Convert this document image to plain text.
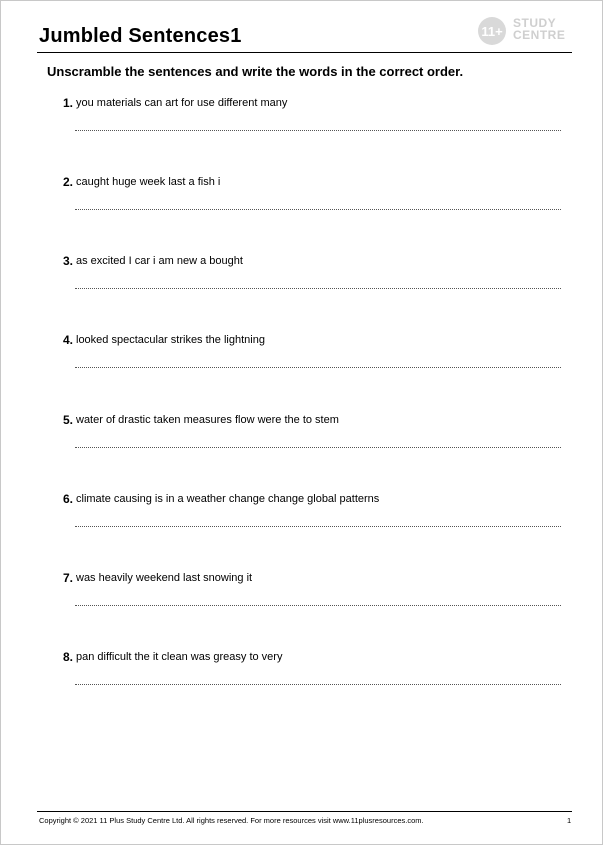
Jumbled Sentences1	11+
STUDY
CENTRE
Unscramble the sentences and write the words in the correct order.
1. you materials can art for use different many
2. caught huge week last a fish i
3. as excited I car i am new a bought
4. looked spectacular strikes the lightning
5. water of drastic taken measures flow were the to stem
6. climate causing is in a weather change change global patterns
7. was heavily weekend last snowing it
8. pan difficult the it clean was greasy to very
Copyright © 2021 11 Plus Study Centre Ltd. All rights reserved. For more resources visit www.11plusresources.com.	1
